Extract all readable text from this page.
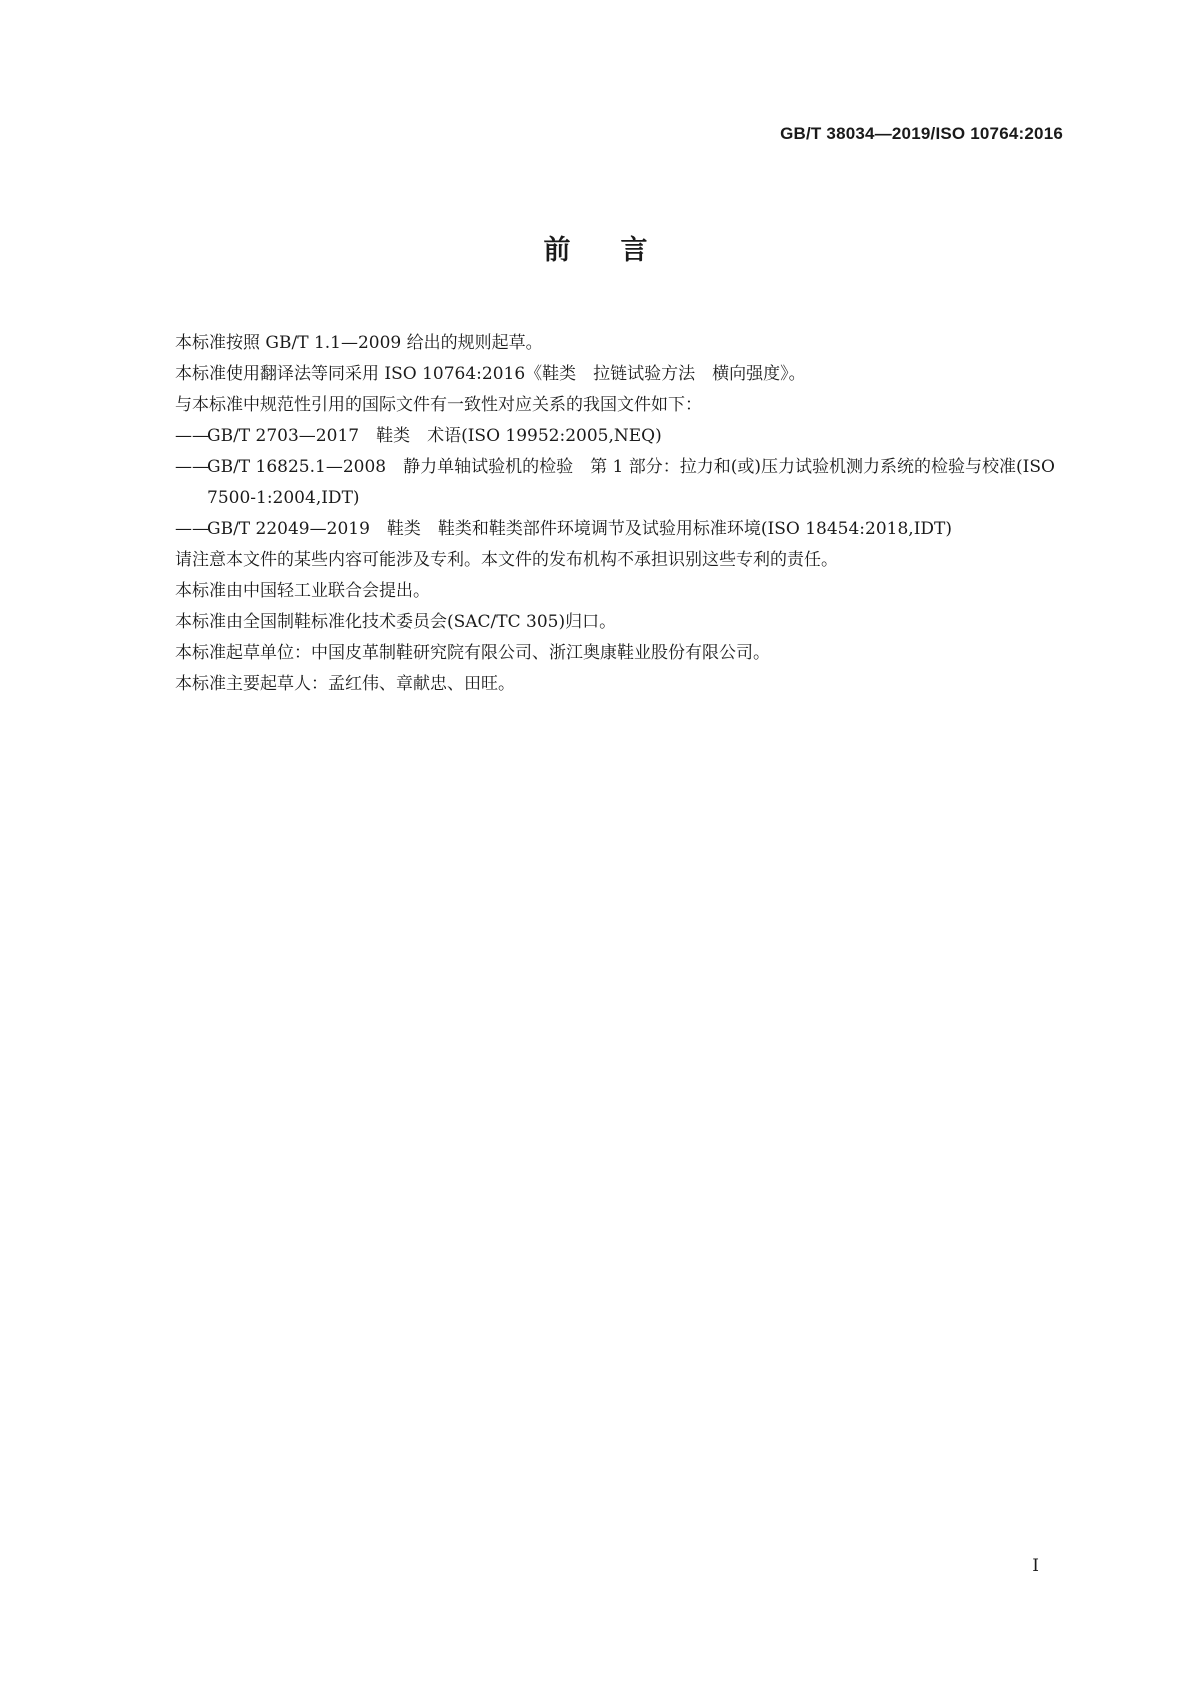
GB/T 38034—2019/ISO 10764:2016
前言

本标准按照 GB/T 1.1—2009 给出的规则起草。

本标准使用翻译法等同采用 ISO 10764:2016《鞋类　拉链试验方法　横向强度》。

与本标准中规范性引用的国际文件有一致性对应关系的我国文件如下：

——
GB/T 2703—2017　鞋类　术语(ISO 19952:2005,NEQ)
——
GB/T 16825.1—2008　静力单轴试验机的检验　第 1 部分：拉力和(或)压力试验机测力系统的检验与校准(ISO 7500-1:2004,IDT)
——
GB/T 22049—2019　鞋类　鞋类和鞋类部件环境调节及试验用标准环境(ISO 18454:2018,IDT)

请注意本文件的某些内容可能涉及专利。本文件的发布机构不承担识别这些专利的责任。

本标准由中国轻工业联合会提出。

本标准由全国制鞋标准化技术委员会(SAC/TC 305)归口。

本标准起草单位：中国皮革制鞋研究院有限公司、浙江奥康鞋业股份有限公司。

本标准主要起草人：孟红伟、章献忠、田旺。

I
